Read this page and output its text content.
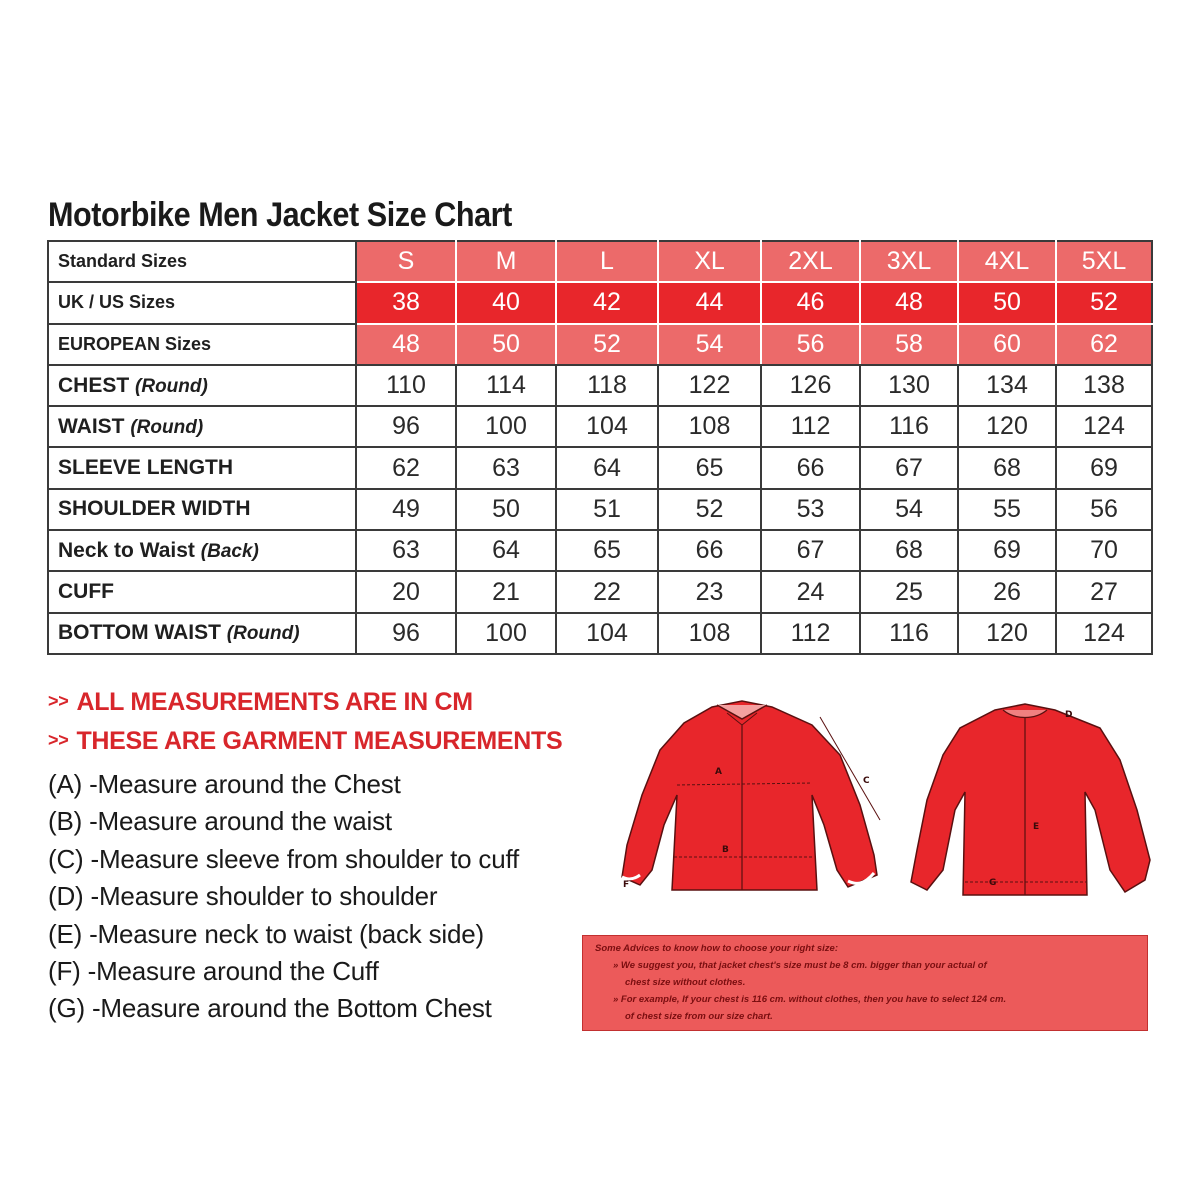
Motorbike Men Jacket Size Chart
Standard Sizes	S	M	L	XL	2XL	3XL	4XL	5XL
UK / US Sizes	38	40	42	44	46	48	50	52
EUROPEAN Sizes	48	50	52	54	56	58	60	62
CHEST (Round)	110	114	118	122	126	130	134	138
WAIST (Round)	96	100	104	108	112	116	120	124
SLEEVE LENGTH	62	63	64	65	66	67	68	69
SHOULDER WIDTH	49	50	51	52	53	54	55	56
Neck to Waist (Back)	63	64	65	66	67	68	69	70
CUFF	20	21	22	23	24	25	26	27
BOTTOM WAIST (Round)	96	100	104	108	112	116	120	124
>> ALL MEASUREMENTS ARE IN CM
>> THESE ARE GARMENT MEASUREMENTS
(A) -Measure around the Chest
(B) -Measure around the waist
(C) -Measure sleeve from shoulder to cuff
(D) -Measure shoulder to shoulder
(E) -Measure neck to waist (back side)
(F) -Measure around the Cuff
(G) -Measure around the Bottom Chest
A
B
C
F
D
E
G
Some Advices to know how to choose your right size:
» We suggest you, that jacket chest's size must be 8 cm. bigger than your actual of
chest size without clothes.
» For example, If your chest is 116 cm. without clothes, then you have to select 124 cm.
of chest size from our size chart.
